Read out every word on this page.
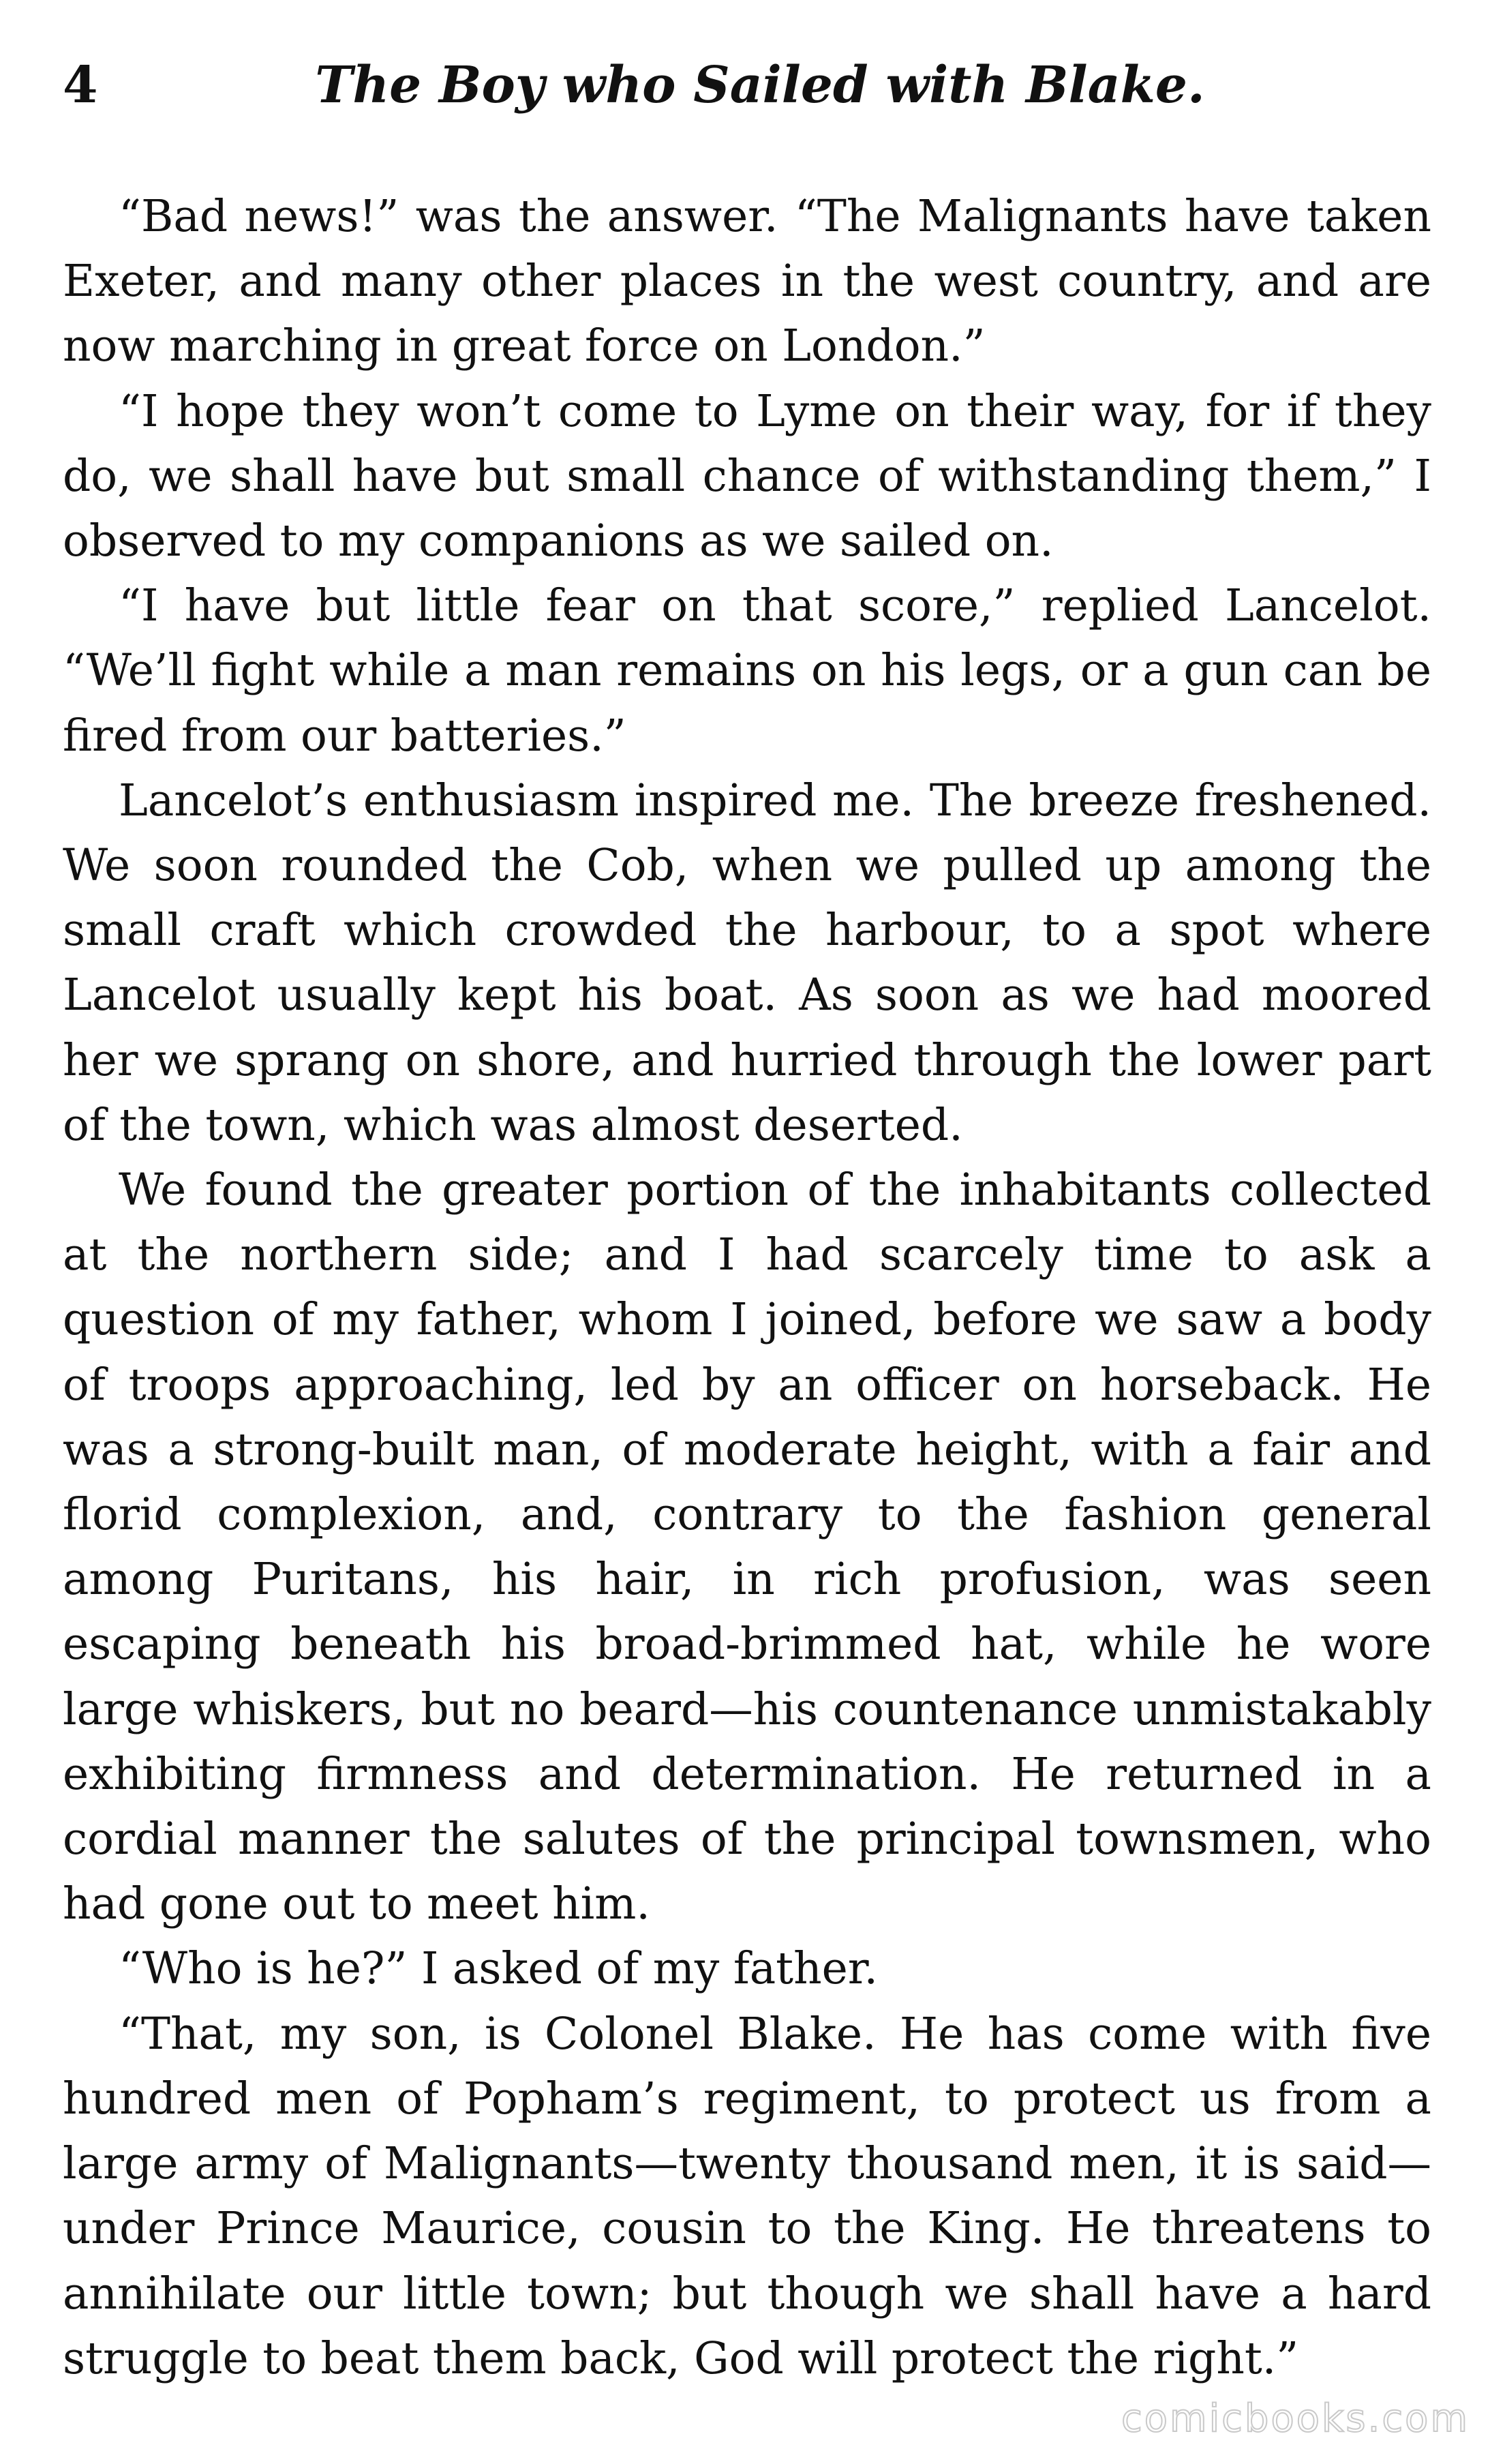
4	The Boy who Sailed with Blake.

“Bad news!” was the answer. “The Malignants have taken Exeter, and many other places in the west country, and are now marching in great force on London.”

“I hope they won’t come to Lyme on their way, for if they do, we shall have but small chance of withstanding them,” I observed to my companions as we sailed on.

“I have but little fear on that score,” replied Lancelot. “We’ll fight while a man remains on his legs, or a gun can be fired from our batteries.”

Lancelot’s enthusiasm inspired me. The breeze freshened. We soon rounded the Cob, when we pulled up among the small craft which crowded the harbour, to a spot where Lancelot usually kept his boat. As soon as we had moored her we sprang on shore, and hurried through the lower part of the town, which was almost deserted.

We found the greater portion of the inhabitants collected at the northern side; and I had scarcely time to ask a question of my father, whom I joined, before we saw a body of troops approaching, led by an officer on horseback. He was a strong-built man, of moderate height, with a fair and florid complexion, and, contrary to the fashion general among Puritans, his hair, in rich profusion, was seen escaping beneath his broad-brimmed hat, while he wore large whiskers, but no beard—his countenance unmistakably exhibiting firmness and determination. He returned in a cordial manner the salutes of the principal townsmen, who had gone out to meet him.

“Who is he?” I asked of my father.

“That, my son, is Colonel Blake. He has come with five hundred men of Popham’s regiment, to protect us from a large army of Malignants—twenty thousand men, it is said—under Prince Maurice, cousin to the King. He threatens to annihilate our little town; but though we shall have a hard struggle to beat them back, God will protect the right.”

comicbooks.com
